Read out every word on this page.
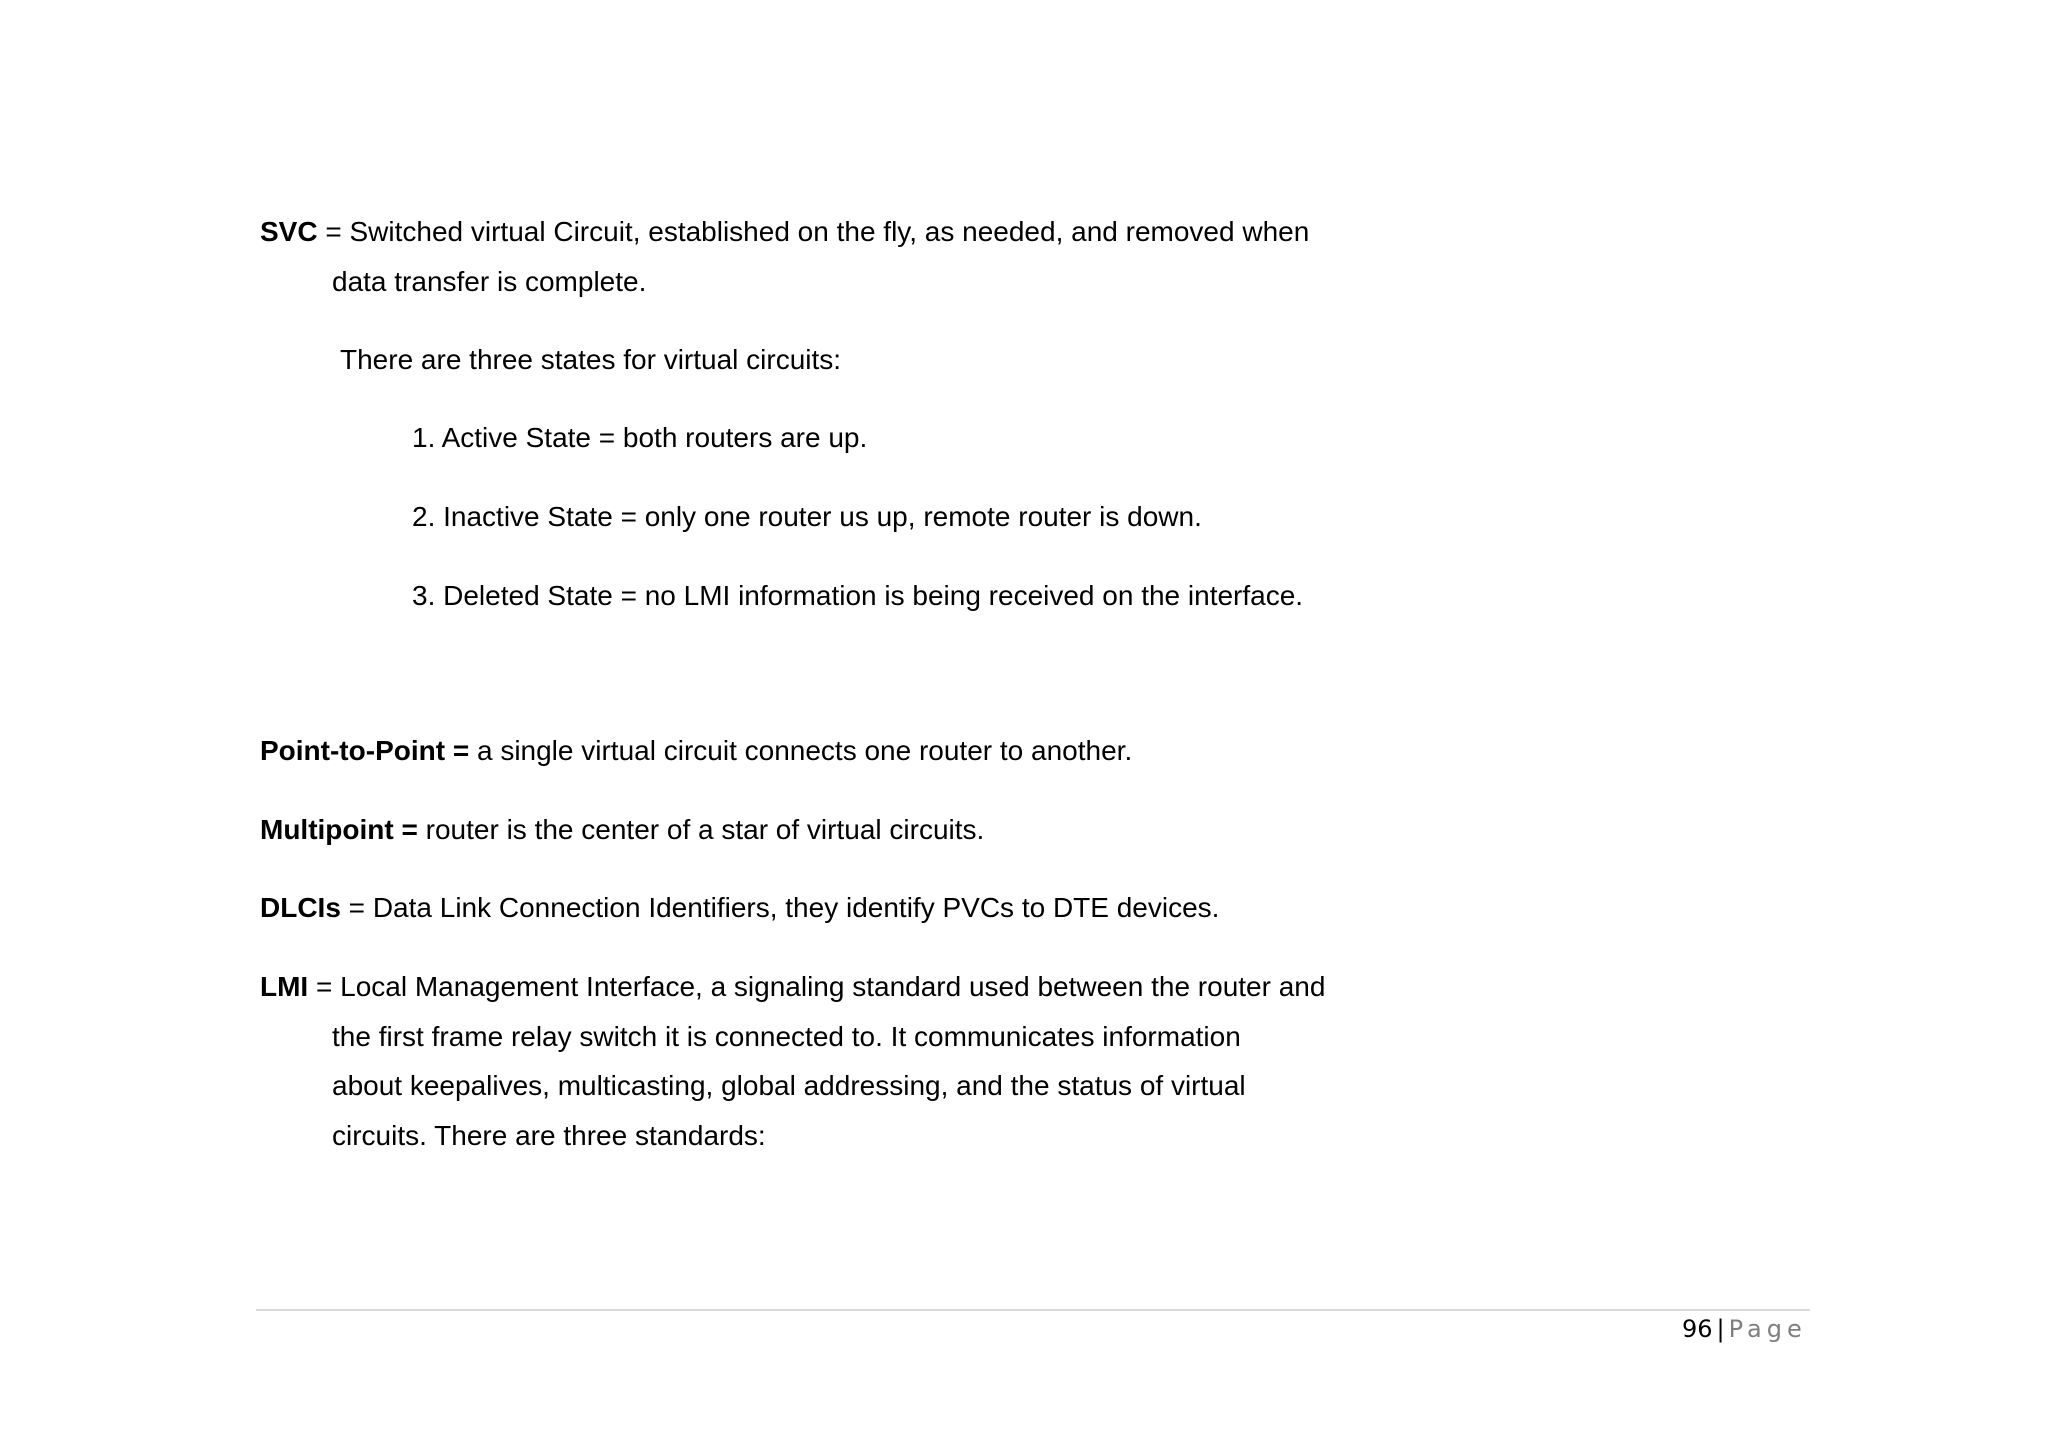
SVC = Switched virtual Circuit, established on the fly, as needed, and removed when
data transfer is complete.
There are three states for virtual circuits:
1. Active State = both routers are up.
2. Inactive State = only one router us up, remote router is down.
3. Deleted State = no LMI information is being received on the interface.
Point-to-Point = a single virtual circuit connects one router to another.
Multipoint = router is the center of a star of virtual circuits.
DLCIs = Data Link Connection Identifiers, they identify PVCs to DTE devices.
LMI = Local Management Interface, a signaling standard used between the router and
the first frame relay switch it is connected to. It communicates information
about keepalives, multicasting, global addressing, and the status of virtual
circuits. There are three standards:
96 | Page
